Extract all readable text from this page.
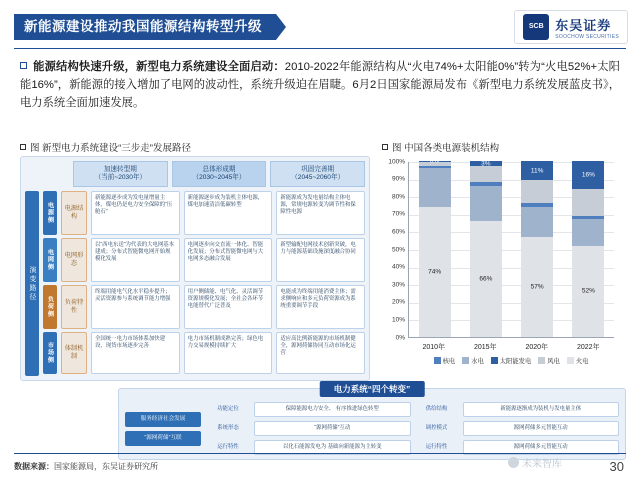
新能源建设推动我国能源结构转型升级	SCB 东吴证券
SOOCHOW SECURITIES
能源结构快速升级，新型电力系统建设全面启动：2010-2022年能源结构从“火电74%+太阳能0%”转为“火电52%+太阳能16%”，新能源的接入增加了电网的波动性，系统升级迫在眉睫。6月2日国家能源局发布《新型电力系统发展蓝皮书》，电力系统全面加速发展。
图 新型电力系统建设“三步走”发展路径	图 中国各类电源装机结构
加速转型期
（当前~2030年）
总体形成期
（2030~2045年）
巩固完善期
（2045~2060年）
演变路径
电源侧	电源结构
新能源逐步成为发电量增量主体，煤电仍是电力安全保障的“压舱石”
新能源逐步成为装机主体电源，煤电加速清洁低碳转型
新能源成为发电量结构主体电源，常规电源转变为调节性和保障性电源
电网侧	电网形态
以“西电东送”为代表的大电网基本建成；分布式智能微电网开始规模化发展
电网逐步向交直流一体化、智能化发展；分布式智能微电网与大电网多态融合发展
新型输配电网技术创新突破，电力与能源基础设施深度融合协同
负荷侧	负荷特性
终端用能电气化水平稳步提升；灵活资源参与系统调节能力增强
用户侧储能、电气化、灵活调节资源规模化发展；全社会各环节电能替代广泛普及
电能成为终端用能消费主体；需求侧响应和多元负荷资源成为系统重要调节手段
市场侧	体制机制
全国统一电力市场体系加快建设，现货市场逐步完善
电力市场机制成熟完善；绿色电力交易规模持续扩大
适应高比例新能源的市场机制健全，源网荷储协同互动市场化运营
100%
90%
80%
70%
60%
50%
40%
30%
20%
10%
0%
74%
0%
66%
3%
57%
11%
52%
16%
2010年	2015年	2020年	2022年
核电	水电	太阳能发电	风电	火电
电力系统“四个转变”
服务经济社会发展
“源网荷储”互联
功能定位	保障能源电力安全、 有序推进绿色转型	供给结构	新能源逐渐成为装机与发电量主体
系统形态	“源网荷储”互动	调控模式	源网荷储多元智能互动
运行特性	以化石能源发电为 基础向新能源为主转变	运行特性	源网荷储多元智能互动
数据来源：国家能源局，东吴证券研究所	未来智库	30
